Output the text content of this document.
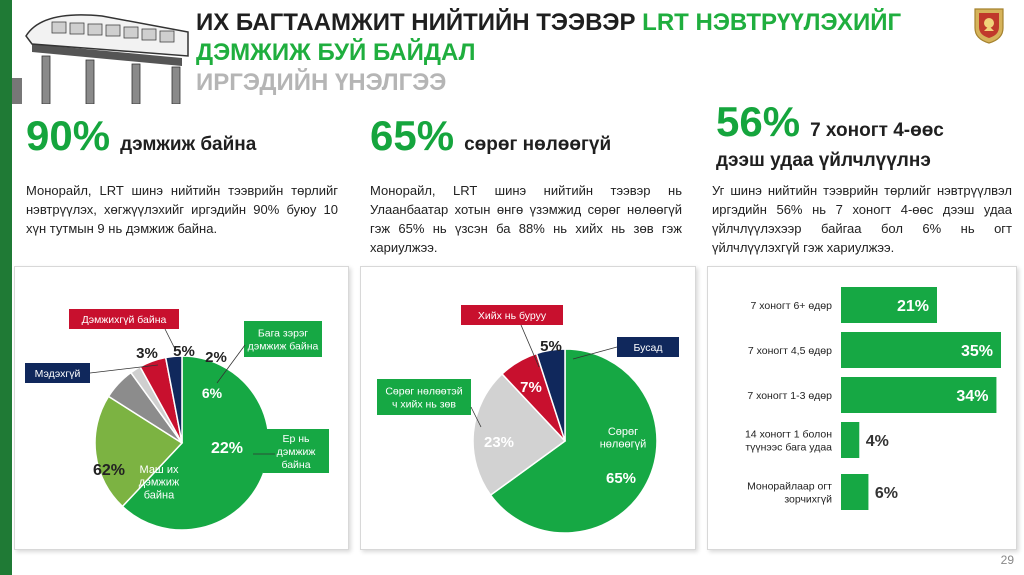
ИХ БАГТААМЖИТ НИЙТИЙН ТЭЭВЭР LRT НЭВТРҮҮЛЭХИЙГ
ДЭМЖИЖ БУЙ БАЙДАЛ
ИРГЭДИЙН ҮНЭЛГЭЭ
90% дэмжиж байна	65% сөрөг нөлөөгүй 56% 7 хоногт 4-өөс
дээш удаа үйлчлүүлнэ
Монорайл, LRT шинэ нийтийн тээврийн төрлийг нэвтрүүлэх, хөгжүүлэхийг иргэдийн 90% буюу 10 хүн тутмын 9 нь дэмжиж байна.
Монорайл, LRT шинэ нийтийн тээвэр нь Улаанбаатар хотын өнгө үзэмжид сөрөг нөлөөгүй гэж 65% нь үзсэн ба 88% нь хийх нь зөв гэж хариулжээ.
Уг шинэ нийтийн тээврийн төрлийг нэвтрүүлвэл иргэдийн 56% нь 7 хоногт 4-өөс дээш удаа үйлчлүүлэхээр байгаа бол 6% нь огт үйлчлүүлэхгүй гэж хариулжээ.
62%
22%
6%
2%
5%
3%
Маш их дэмжиж байна
Ер нь дэмжиж байна
Бага зэрэг дэмжиж байна
Дэмжихгүй байна
Мэдэхгүй
65%
23%
7%
5%
Сөрөг нөлөөгүй
Сөрөг нөлөөтэй ч хийх нь зөв
Хийх нь буруу
Бусад
21%
7 хоногт 6+ өдөр
35%
7 хоногт 4,5 өдөр
34%
7 хоногт 1-3 өдөр
4%
14 хоногт 1 болон түүнээс бага удаа
6%
Монорайлаар огт зорчихгүй
29
